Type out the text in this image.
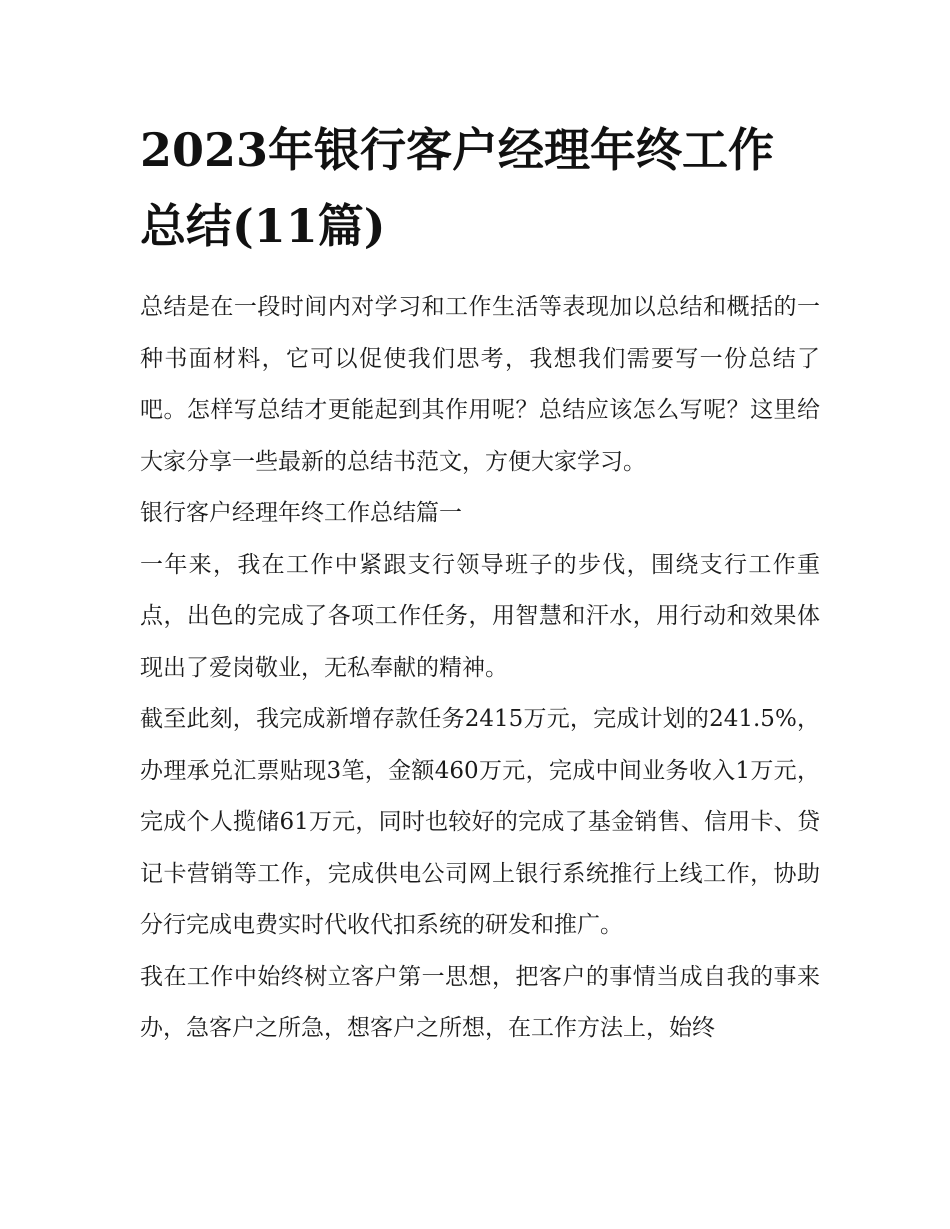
2023年银行客户经理年终工作总结(11篇)

总结是在一段时间内对学习和工作生活等表现加以总结和概括的一种书面材料，它可以促使我们思考，我想我们需要写一份总结了吧。怎样写总结才更能起到其作用呢？总结应该怎么写呢？这里给大家分享一些最新的总结书范文，方便大家学习。

银行客户经理年终工作总结篇一

一年来，我在工作中紧跟支行领导班子的步伐，围绕支行工作重点，出色的完成了各项工作任务，用智慧和汗水，用行动和效果体现出了爱岗敬业，无私奉献的精神。

截至此刻，我完成新增存款任务2415万元，完成计划的241.5%，办理承兑汇票贴现3笔，金额460万元，完成中间业务收入1万元，完成个人揽储61万元，同时也较好的完成了基金销售、信用卡、贷记卡营销等工作，完成供电公司网上银行系统推行上线工作，协助分行完成电费实时代收代扣系统的研发和推广。

我在工作中始终树立客户第一思想，把客户的事情当成自我的事来办，急客户之所急，想客户之所想，在工作方法上，始终
